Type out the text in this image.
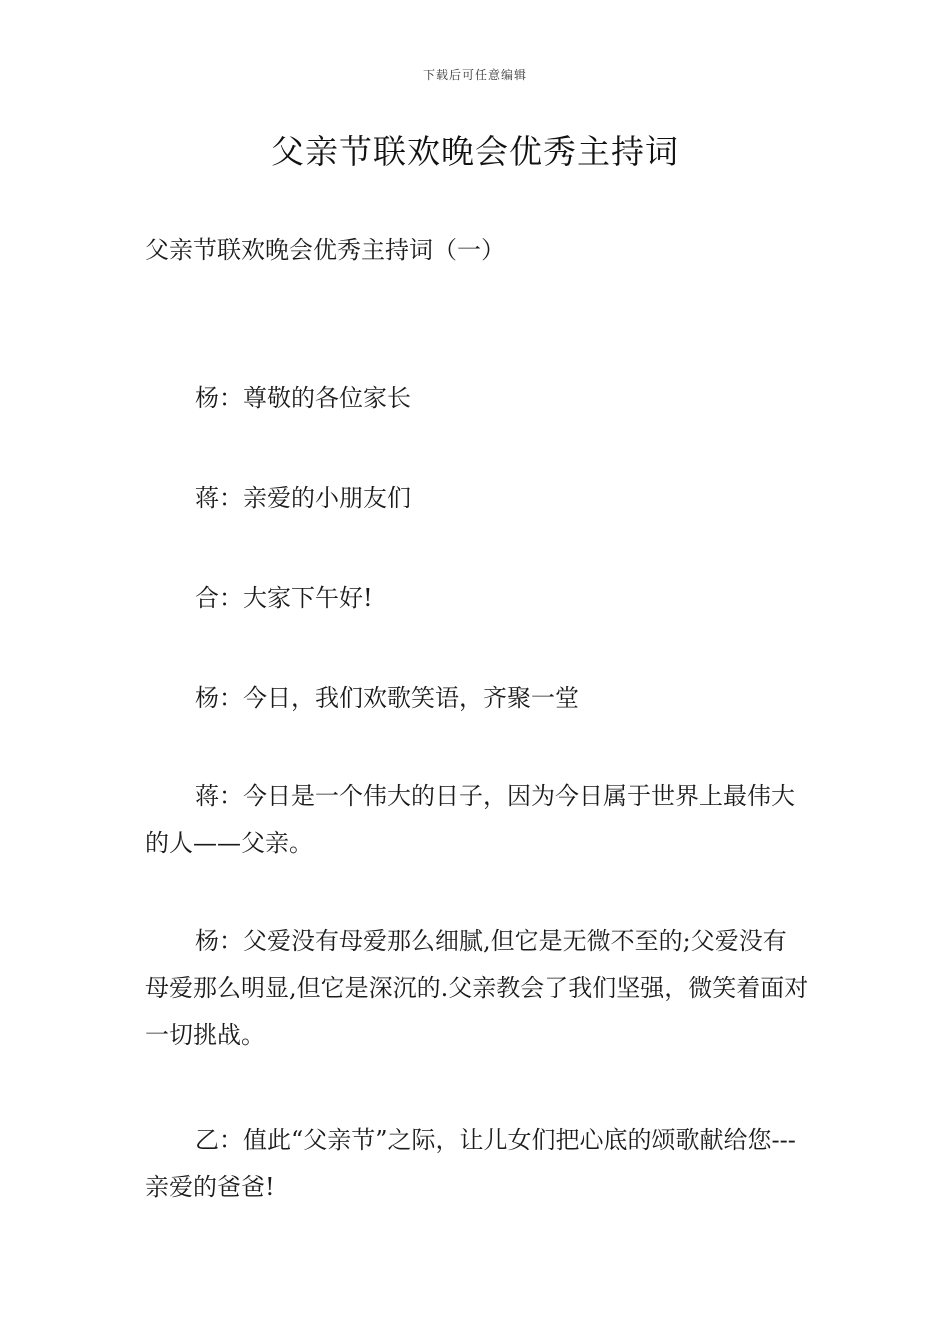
下载后可任意编辑
父亲节联欢晚会优秀主持词
父亲节联欢晚会优秀主持词（一）

杨：尊敬的各位家长

蒋：亲爱的小朋友们

合：大家下午好!

杨：今日，我们欢歌笑语，齐聚一堂

蒋：今日是一个伟大的日子，因为今日属于世界上最伟大的人——父亲。

杨：父爱没有母爱那么细腻,但它是无微不至的;父爱没有母爱那么明显,但它是深沉的.父亲教会了我们坚强，微笑着面对一切挑战。

乙：值此“父亲节”之际，让儿女们把心底的颂歌献给您---亲爱的爸爸!
